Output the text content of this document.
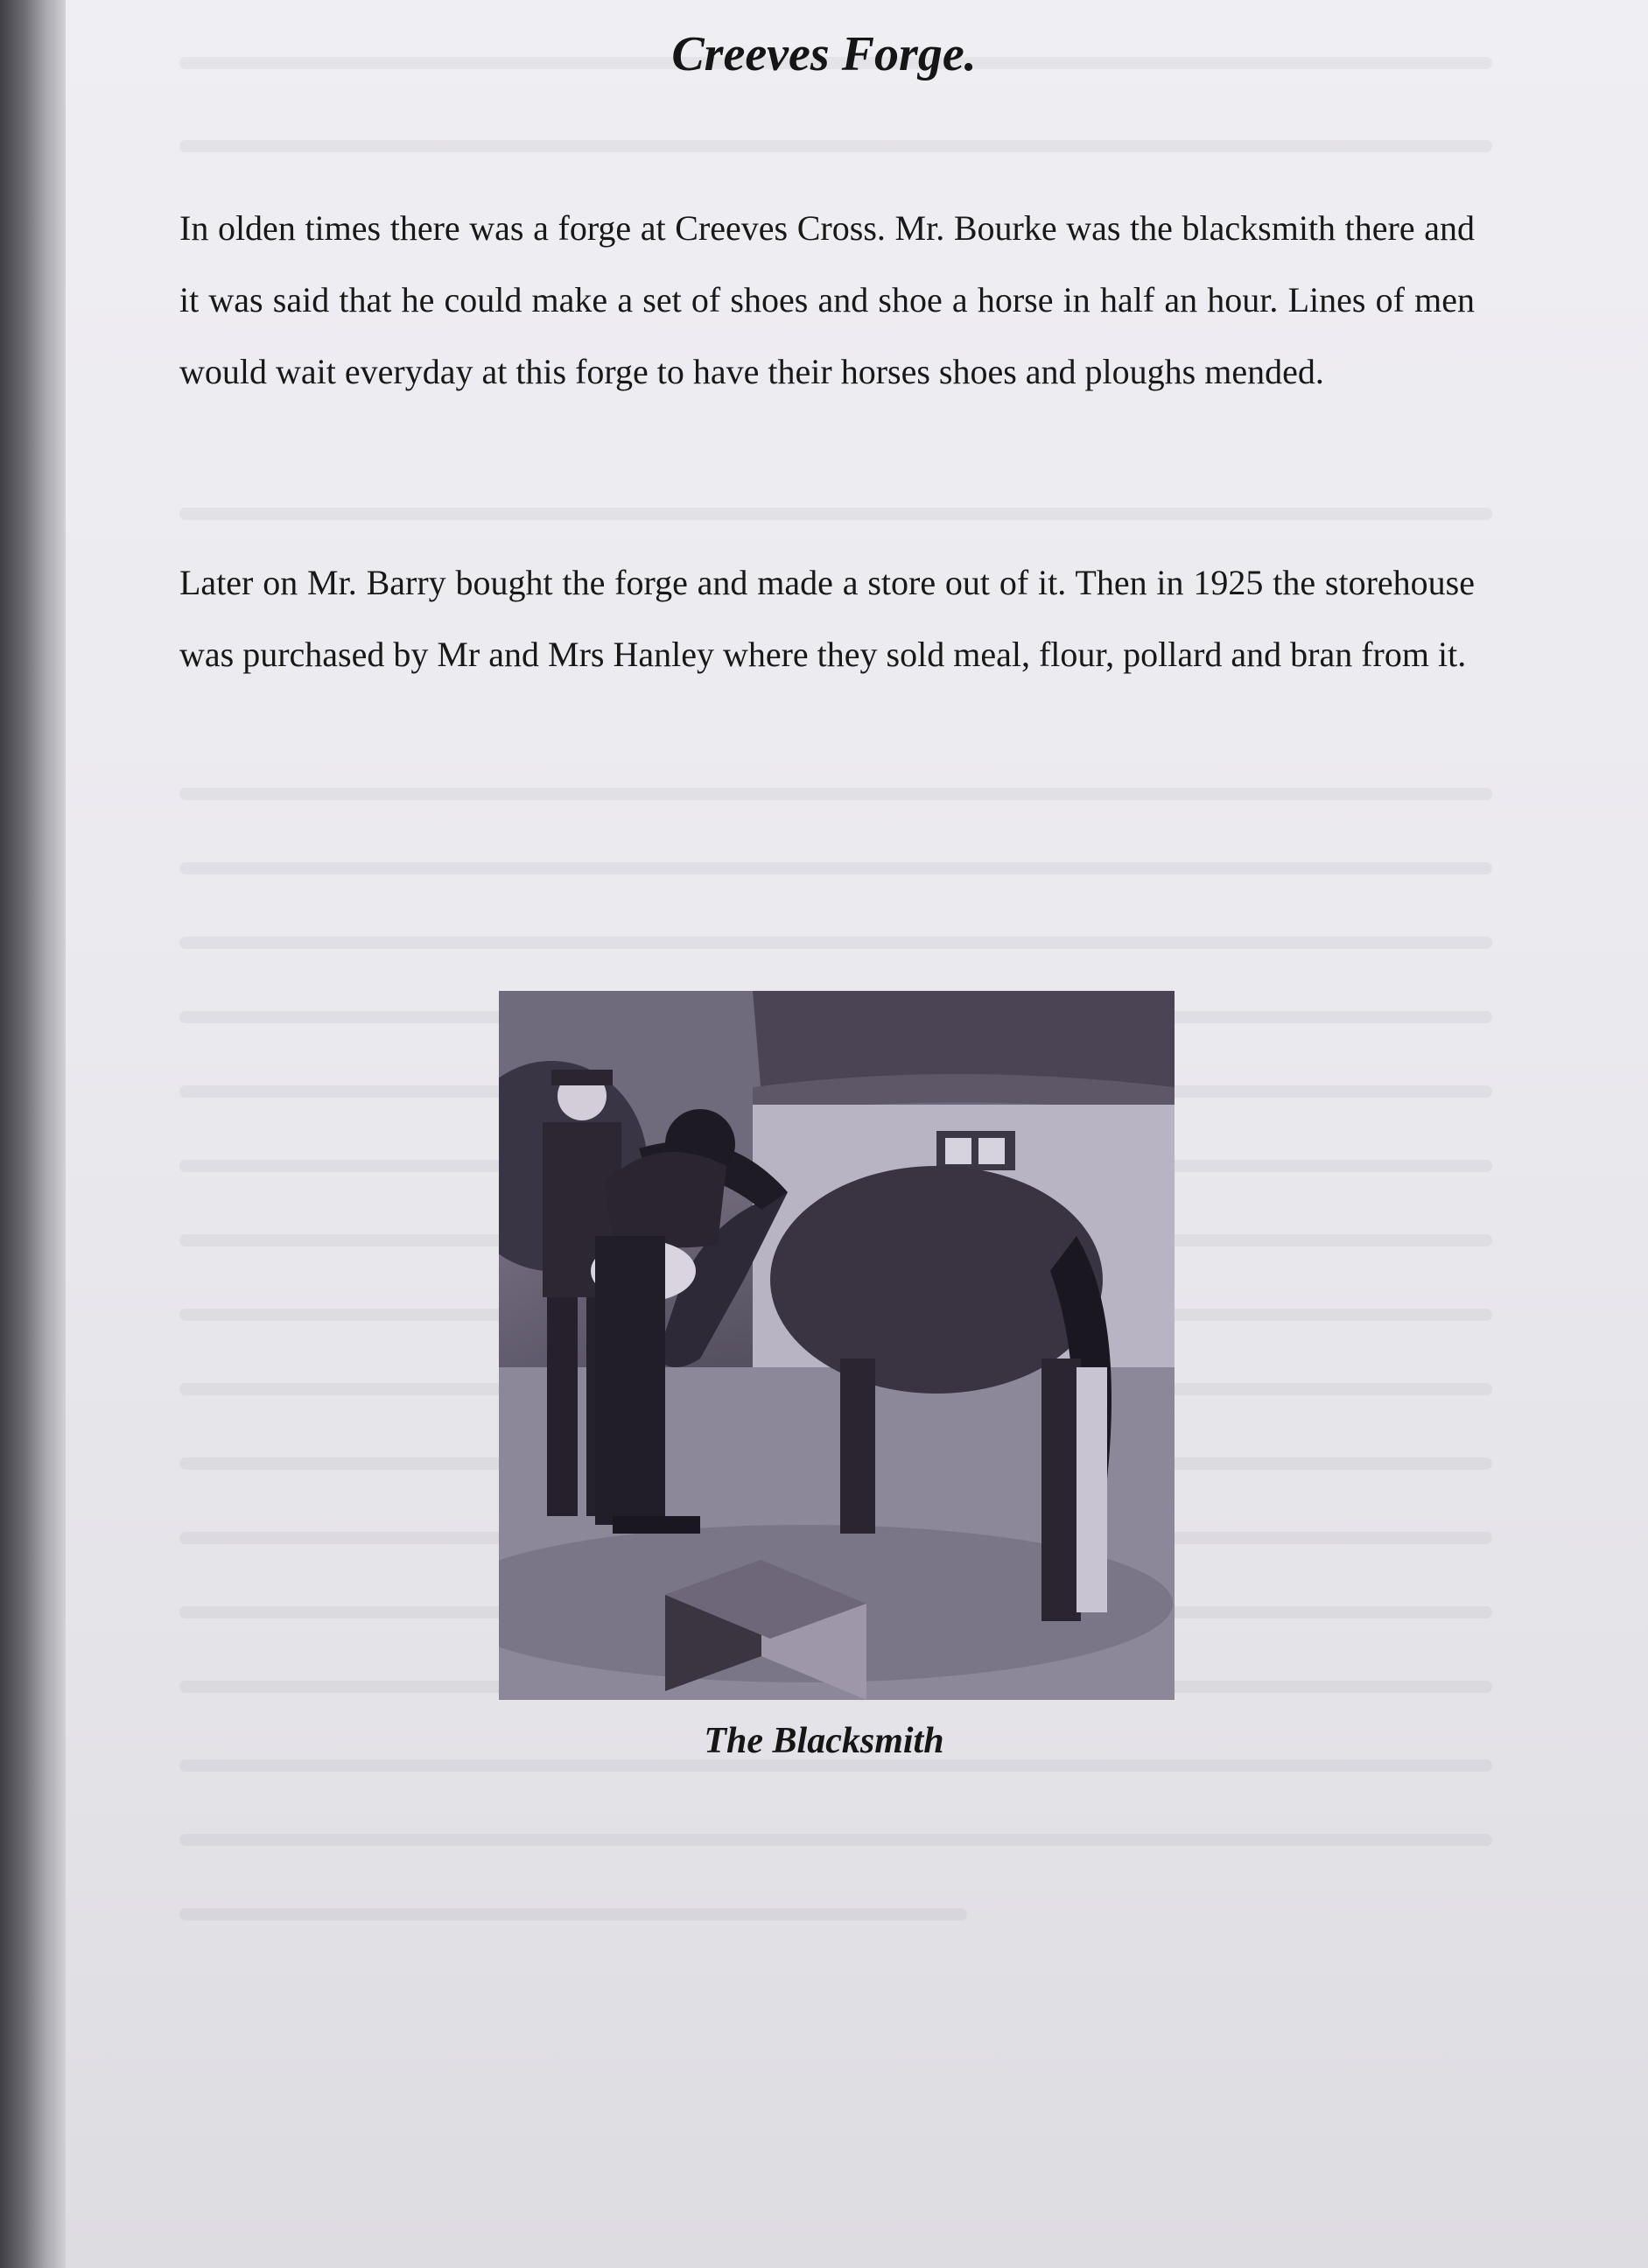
Creeves Forge.

In olden times there was a forge at Creeves Cross. Mr. Bourke was the blacksmith there and it was said that he could make a set of shoes and shoe a horse in half an hour. Lines of men would wait everyday at this forge to have their horses shoes and ploughs mended.

Later on Mr. Barry bought the forge and made a store out of it. Then in 1925 the storehouse was purchased by Mr and Mrs Hanley where they sold meal, flour, pollard and bran from it.

The Blacksmith
